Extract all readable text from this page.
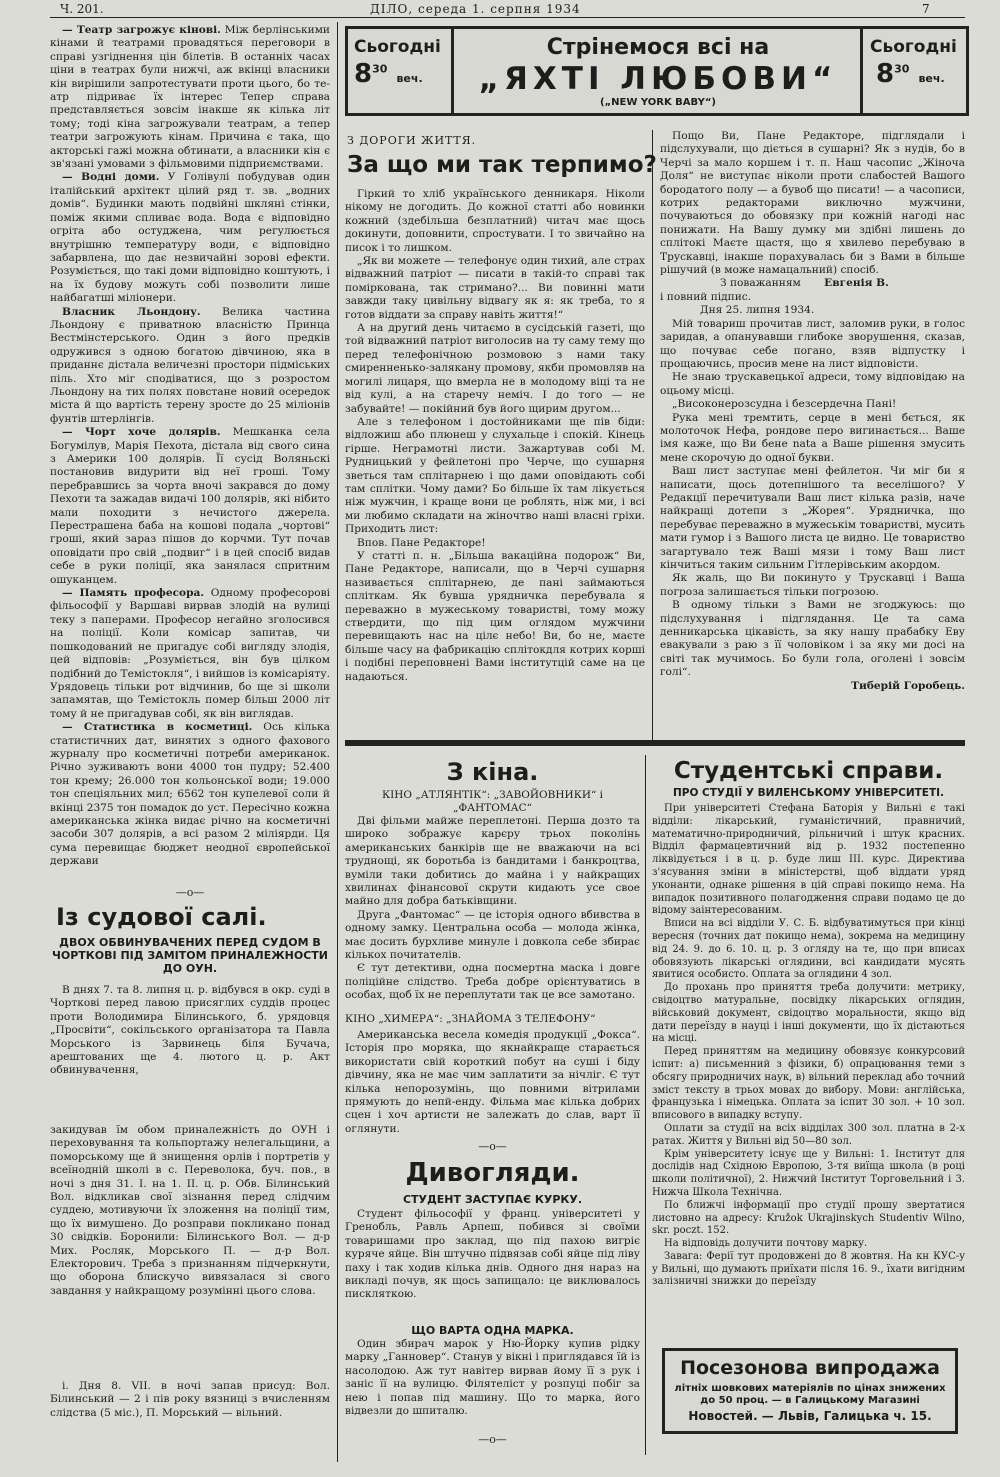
Ч. 201.	ДІЛО, середа 1. серпня 1934	7
Сьогодні
$8^{30}$ веч.
Стрінемося всі на
„ЯХТІ ЛЮБОВИ“
(„NEW YORK BABY“)
Сьогодні
$8^{30}$ веч.

— Театр загрожує кінові. Між берлінськими кінами й театрами провадяться переговори в справі узгіднення цін білетів. В останніх часах ціни в театрах були нижчі, аж вкінці власники кін вирішили запротестувати проти цього, бо те-атр підриває їх інтерес Тепер справа представляється зовсім інакше як кілька літ тому; тоді кіна загрожували театрам, а тепер театри загрожують кінам. Причина є така, що акторські гажі можна обтинати, а власники кін є зв'язані умовами з фільмовими підприємствами.

— Водні доми. У Голівулі побудував один італійський архітект цілий ряд т. зв. „водних домів“. Будинки мають подвійні шкляні стінки, поміж якими спливає вода. Вода є відповідно огріта або остуджена, чим регулюється внутрішню температуру води, є відповідно забарвлена, що дає незвичайні зорові ефекти. Розуміється, що такі доми відповідно коштують, і на їх будову можуть собі позволити лише найбагатші міліонери.

Власник Льондону. Велика частина Льондону є приватною власністю Принца Вестмінстерського. Один з його предків одружився з одною богатою дівчиною, яка в приданнє дістала величезні простори підміських піль. Хто міг сподіватися, що з розростом Льондону на тих полях повстане новий осередок міста й що вартість терену зросте до 25 міліонів фунтів штерлінгів.

— Чорт хоче долярів. Мешканка села Богумілув, Марія Пехота, дістала від свого сина з Америки 100 долярів. Її сусід Воляньскі постановив видурити від неї гроші. Тому перебравшись за чорта вночі закрався до дому Пехоти та зажадав видачі 100 долярів, які нібито мали походити з нечистого джерела. Перестрашена баба на кошові подала „чортові“ гроші, який зараз пішов до корчми. Тут почав оповідати про свій „подвиг“ і в цей спосіб видав себе в руки поліції, яка занялася спритним ошуканцем.

— Память професора. Одному професорові фільософії у Варшаві вирвав злодій на вулиці теку з паперами. Професор негайно зголосився на поліції. Коли комісар запитав, чи пошкодований не пригадує собі вигляду злодія, цей відповів: „Розуміється, він був цілком подібний до Темістокля“, і вийшов із комісаріяту. Урядовець тільки рот відчинив, бо ще зі школи запамятав, що Темістокль помер більш 2000 літ тому й не пригадував собі, як він виглядав.

— Статистика в косметиці. Ось кілька статистичних дат, винятих з одного фахового журналу про косметичні потреби американок. Річно зуживають вони 4000 тон пудру; 52.400 тон крему; 26.000 тон кольонської води; 19.000 тон спеціяльних мил; 6562 тон купелевої соли й вкінці 2375 тон помадок до уст. Пересічно кожна американська жінка видає річно на косметичні засоби 307 долярів, а всі разом 2 міліярди. Ця сума перевищає бюджет неодної європейської держави

—о—
Із судової салі.
ДВОХ ОБВИНУВАЧЕНИХ ПЕРЕД СУДОМ В ЧОРТКОВІ ПІД ЗАМІТОМ ПРИНАЛЕЖНОСТИ ДО ОУН.

В днях 7. та 8. липня ц. р. відбувся в окр. суді в Чорткові перед лавою присяглих суддів процес проти Володимира Білинського, б. урядовця „Просвіти“, сокільського організатора та Павла Морського із Зарвинець біля Бучача, арештованих ще 4. лютого ц. р. Акт обвинувачення,

закидував їм обом приналежність до ОУН і переховування та кольпортажу нелегальщини, а поморському ще й знищення орлів і портретів у всеїнодній школі в с. Переволока, буч. пов., в ночі з дня 31. I. на 1. II. ц. р. Обв. Білинський Вол. відкликав свої зізнання перед слідчим суддею, мотивуючи їх зложення на поліції тим, що їх вимушено. До розправи покликано понад 30 свідків. Боронили: Білинського Вол. — д-р Мих. Росляк, Морського П. — д-р Вол. Електорович. Треба з признанням підчеркнути, що оборона блискучо вивязалася зі свого завдання у найкращому розумінні цього слова.

і. Дня 8. VII. в ночі запав присуд: Вол. Білинський — 2 і пів року вязниці з вчисленням слідства (5 міс.), П. Морський — вільний.

З ДОРОГИ ЖИТТЯ.
За що ми так терпимо?

Гіркий то хліб українського денникаря. Ніколи нікому не догодить. До кожної статті або новинки кожний (здебільша безплатний) читач має щось докинути, доповнити, спростувати. І то звичайно на писок і то лишком.

„Як ви можете — телефонує один тихий, але страх відважний патріот — писати в такій-то справі так поміркована, так стримано?... Ви повинні мати завжди таку цивільну відвагу як я: як треба, то я готов віддати за справу навіть життя!“

А на другий день читаємо в сусідській газеті, що той відважний патріот виголосив на ту саму тему що перед телефонічною розмовою з нами таку смиренненько-залякану промову, якби промовляв на могилі лицаря, що вмерла не в молодому віці та не від кулі, а на старечу неміч. І до того — не забувайте! — покійний був його щирим другом...

Але з телефоном і достойниками ще пів біди: відложиш або плюнеш у слухальце і спокій. Кінець гірше. Неграмотні листи. Зажартував собі М. Рудницький у фейлетоні про Черче, що сушарня зветься там сплітарнею і що дами оповідають собі там сплітки. Чому дами? Бо більше їх там лікується ніж мужчин, і краще вони це роблять, ніж ми, і всі ми любимо складати на жіночтво наші власні гріхи. Приходить лист:

Впов. Пане Редакторе!

У статті п. н. „Більша вакаційна подорож“ Ви, Пане Редакторе, написали, що в Черчі сушарня називається сплітарнею, де пані займаються спліткам. Як бувша урядничка перебувала я переважно в мужеському товаристві, тому можу ствердити, що під цим оглядом мужчини перевищають нас на цілє небо! Ви, бо не, маєте більше часу на фабрикацію сплітокдля котрих корші і подібні переповнені Вами інститутцій саме на це надаються.

Пощо Ви, Пане Редакторе, підглядали і підслухували, що діється в сушарні? Як з нудів, бо в Черчі за мало коршем і т. п. Наш часопис „Жіноча Доля“ не виступає ніколи проти слабостей Вашого бородатого полу — а бувоб що писати! — а часописи, котрих редакторами виключно мужчини, почуваються до обовязку при кожній нагоді нас понижати. На Вашу думку ми здібні лишень до сплітокі Маєте щастя, що я хвилево перебуваю в Трускавці, інакше порахувалась би з Вами в більше рішучий (в може намацальний) спосіб.

З поважанням Евгенія В.

і повний підпис.

Дня 25. липня 1934.

Мій товариш прочитав лист, заломив руки, в голос заридав, а опанувавши глибоке зворушення, сказав, що почуває себе погано, взяв відпустку і прощаючись, просив мене на лист відповісти.

Не знаю трускавецької адреси, тому відповідаю на оцьому місці.

„Високонерозсудна і безсердечна Пані!

Рука мені тремтить, серце в мені бється, як молоточок Нефа, рондове перо вигинається... Ваше імя каже, що Ви бене nata а Ваше рішення змусить мене скорочую до одної букви.

Ваш лист заступає мені фейлетон. Чи міг би я написати, щось дотепнішого та веселішого? У Редакції перечитували Ваш лист кілька разів, наче найкращі дотепи з „Жорея“. Урядничка, що перебуває переважно в мужеськім товаристві, мусить мати гумор і з Вашого листа це видно. Це товариство загартувало теж Ваші мязи і тому Ваш лист кінчиться таким сильним Гітлерівським акордом.

Як жаль, що Ви покинуто у Трускавці і Ваша погроза залишається тільки погрозою.

В одному тільки з Вами не згоджуюсь: що підслухування і підглядання. Це та сама денникарська цікавість, за яку нашу прабабку Еву евакували з раю з її чоловіком і за яку ми досі на світі так мучимось. Бо були гола, оголені і зовсім голі“.

Тиберій Горобець.

З кіна.
КІНО „АТЛЯНТІК“: „ЗАВОЙОВНИКИ“ і „ФАНТОМАС“

Дві фільми майже переплетоні. Перша дозто та широко зображує карєру трьох поколінь американських банкірів ще не вважаючи на всі труднощі, як боротьба із бандитами і банкроцтва, вуміли таки добитись до майна і у найкращих хвилинах фінансової скрути кидають усе свое майно для добра батьківщини.

Друга „Фантомас“ — це історія одного вбивства в одному замку. Центральна особа — молода жінка, має досить бурхливе минуле і довкола себе збирає кількох почитателів.

Є тут детективи, одна посмертна маска і довге поліційне слідство. Треба добре орієнтуватись в особах, щоб їх не переплутати так це все замотано.

КІНО „ХИМЕРА“: „ЗНАЙОМА З ТЕЛЕФОНУ“

Американська весела комедія продукції „Фокса“. Історія про моряка, що якнайкраще старається використати свій короткий побут на суші і біду дівчину, яка не має чим заплатити за нічліг. Є тут кілька непорозумінь, що повними вітрилами прямують до непй-енду. Фільма має кілька добрих сцен і хоч артисти не залежать до слав, варт її оглянути.

—о—
Дивогляди.
СТУДЕНТ ЗАСТУПАЄ КУРКУ.

Студент фільософії у франц. університеті у Гренобль, Равль Арпеш, побився зі своїми товаришами про заклад, що під пахою вигріє куряче яйце. Він штучно підвязав собі яйце під ліву паху і так ходив кілька днів. Одного дня нараз на викладі почув, як щось запищало: це виклювалось пискляткою.

ЩО ВАРТА ОДНА МАРКА.

Один збирач марок у Ню-Йорку купив рідку марку „Ганновер“. Станув у вікні і приглядався їй із насолодою. Аж тут навітер вирвав йому її з рук і заніс її на вулицю. Філятеліст у розпуці побіг за нею і попав під машину. Що то марка, його відвезли до шпиталю.

—о—
Студентські справи.
ПРО СТУДІЇ У ВИЛЕНСЬКОМУ УНІВЕРСИТЕТІ.

При університеті Стефана Баторія у Вильні є такі відділи: лікарський, гуманістичний, правничий, математично-природничий, рільничий і штук красних. Відділ фармацевтичний від р. 1932 постепенно ліквідується і в ц. р. буде лиш III. курс. Директива з'ясування зміни в міністерстві, щоб віддати уряд уконанти, однаке рішення в цій справі покищо нема. На випадок позитивного полагодження справи подамо це до відому заінтересованим.

Вписи на всі відділи У. С. Б. відбуватимуться при кінці вересня (точних дат покищо нема), зокрема на медицину від 24. 9. до 6. 10. ц. р. З огляду на те, що при вписах обовязують лікарські оглядини, всі кандидати мусять явитися особисто. Оплата за оглядини 4 зол.

До прохань про приняття треба долучити: метрику, свідоцтво матуральне, посвідку лікарських оглядин, військовий документ, свідоцтво моральности, якщо від дати переїзду в науці і інші документи, що їх дістаються на місці.

Перед приняттям на медицину обовязує конкурсовий іспит: а) письменний з фізики, б) опрацювання теми з обсягу природничих наук, в) вільний переклад або точний зміст тексту в трьох мовах до вибору. Мови: англійська, французька і німецька. Оплата за іспит 30 зол. + 10 зол. вписового в випадку вступу.

Оплати за студії на всіх відділах 300 зол. платна в 2-х ратах. Життя у Вильні від 50—80 зол.

Крім університету існує ще у Вильні: 1. Інститут для дослідів над Східною Европою, 3-тя виїща школа (в році школи політичної), 2. Нижчий Інститут Торговельний і 3. Нижча Школа Технічна.

По ближчі інформації про студії прошу звертатися листовно на адресу: Kružok Ukrajinskych Studentiv Wilno, skr. poczt. 152.

На відповідь долучити почтову марку.

Завага: Ферії тут продовжені до 8 жовтня. На кн КУС-у у Вильні, що думають приїхати після 16. 9., їхати вигідним залізничні знижки до переїзду

Посезонова випродажа
літніх шовкових матеріялів по цінах знижених до 50 проц. — в Галицькому Магазині
Новостей. — Львів, Галицька ч. 15.
